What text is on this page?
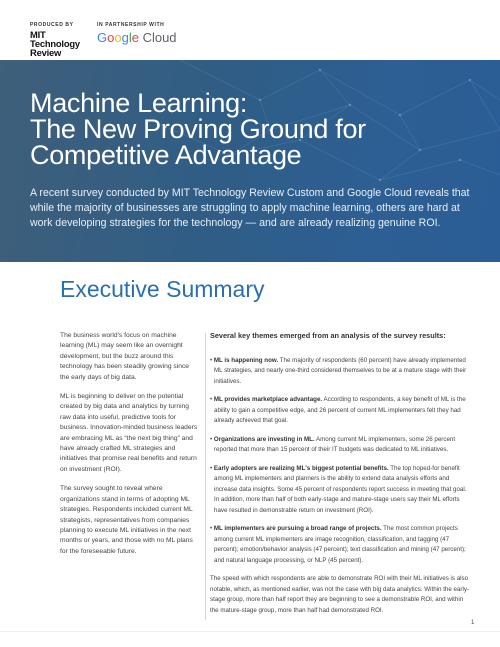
PRODUCED BY	IN PARTNERSHIP WITH
MIT
Technology
Review
Google Cloud
Machine Learning:
The New Proving Ground for
Competitive Advantage

A recent survey conducted by MIT Technology Review Custom and Google Cloud reveals that while the majority of businesses are struggling to apply machine learning, others are hard at work developing strategies for the technology — and are already realizing genuine ROI.

Executive Summary

The business world's focus on machine learning (ML) may seem like an overnight development, but the buzz around this technology has been steadily growing since the early days of big data.

ML is beginning to deliver on the potential created by big data and analytics by turning raw data into useful, predictive tools for business. Innovation-minded business leaders are embracing ML as “the next big thing” and have already crafted ML strategies and initiatives that promise real benefits and return on investment (ROI).

The survey sought to reveal where organizations stand in terms of adopting ML strategies. Respondents included current ML strategists, representatives from companies planning to execute ML initiatives in the next months or years, and those with no ML plans for the foreseeable future.

Several key themes emerged from an analysis of the survey results:

• ML is happening now. The majority of respondents (60 percent) have already implemented ML strategies, and nearly one-third considered themselves to be at a mature stage with their initiatives.

• ML provides marketplace advantage. According to respondents, a key benefit of ML is the ability to gain a competitive edge, and 26 percent of current ML implementers felt they had already achieved that goal.

• Organizations are investing in ML. Among current ML implementers, some 26 percent reported that more than 15 percent of their IT budgets was dedicated to ML initiatives.

• Early adopters are realizing ML's biggest potential benefits. The top hoped-for benefit among ML implementers and planners is the ability to extend data analysis efforts and increase data insights. Some 45 percent of respondents report success in meeting that goal. In addition, more than half of both early-stage and mature-stage users say their ML efforts have resulted in demonstrable return on investment (ROI).

• ML implementers are pursuing a broad range of projects. The most common projects among current ML implementers are image recognition, classification, and tagging (47 percent); emotion/behavior analysis (47 percent); text classification and mining (47 percent); and natural language processing, or NLP (45 percent).

The speed with which respondents are able to demonstrate ROI with their ML initiatives is also notable, which, as mentioned earlier, was not the case with big data analytics. Within the early-stage group, more than half report they are beginning to see a demonstrable ROI, and within the mature-stage group, more than half had demonstrated ROI.

1
